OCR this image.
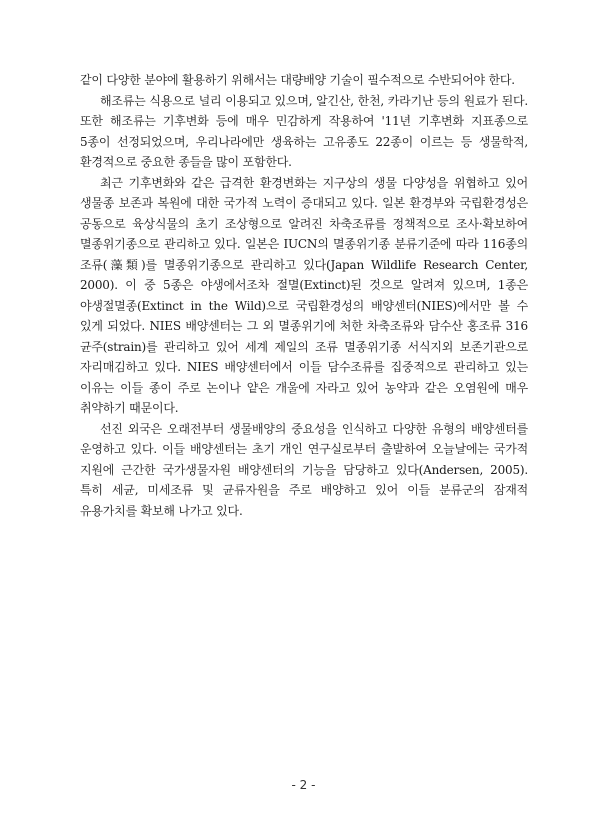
같이 다양한 분야에 활용하기 위해서는 대량배양 기술이 필수적으로 수반되어야 한다.

해조류는 식용으로 널리 이용되고 있으며, 알긴산, 한천, 카라기난 등의 원료가 된다. 또한 해조류는 기후변화 등에 매우 민감하게 작용하여 '11년 기후변화 지표종으로 5종이 선정되었으며, 우리나라에만 생육하는 고유종도 22종이 이르는 등 생물학적, 환경적으로 중요한 종들을 많이 포함한다.

최근 기후변화와 같은 급격한 환경변화는 지구상의 생물 다양성을 위협하고 있어 생물종 보존과 복원에 대한 국가적 노력이 증대되고 있다. 일본 환경부와 국립환경성은 공동으로 육상식물의 초기 조상형으로 알려진 차축조류를 정책적으로 조사·확보하여 멸종위기종으로 관리하고 있다. 일본은 IUCN의 멸종위기종 분류기준에 따라 116종의 조류(藻類)를 멸종위기종으로 관리하고 있다(Japan Wildlife Research Center, 2000). 이 중 5종은 야생에서조차 절멸(Extinct)된 것으로 알려져 있으며, 1종은 야생절멸종(Extinct in the Wild)으로 국립환경성의 배양센터(NIES)에서만 볼 수 있게 되었다. NIES 배양센터는 그 외 멸종위기에 처한 차축조류와 담수산 홍조류 316 균주(strain)를 관리하고 있어 세계 제일의 조류 멸종위기종 서식지외 보존기관으로 자리매김하고 있다. NIES 배양센터에서 이들 담수조류를 집중적으로 관리하고 있는 이유는 이들 종이 주로 논이나 얕은 개울에 자라고 있어 농약과 같은 오염원에 매우 취약하기 때문이다.

선진 외국은 오래전부터 생물배양의 중요성을 인식하고 다양한 유형의 배양센터를 운영하고 있다. 이들 배양센터는 초기 개인 연구실로부터 출발하여 오늘날에는 국가적 지원에 근간한 국가생물자원 배양센터의 기능을 담당하고 있다(Andersen, 2005). 특히 세균, 미세조류 및 균류자원을 주로 배양하고 있어 이들 분류군의 잠재적 유용가치를 확보해 나가고 있다.

- 2 -
